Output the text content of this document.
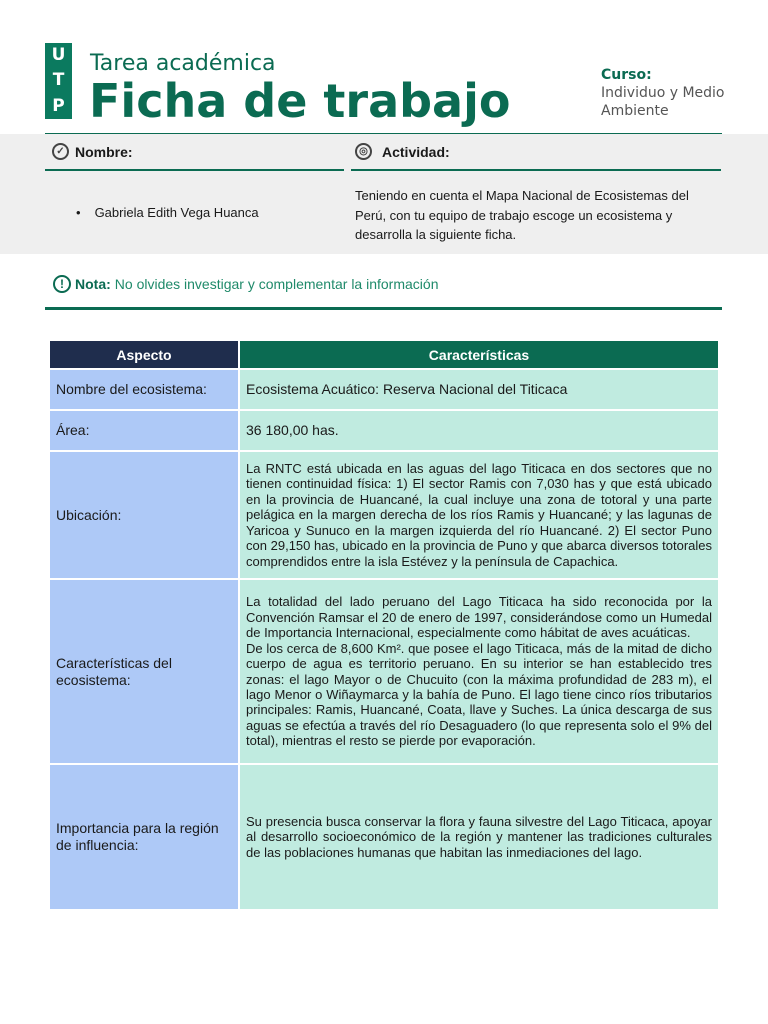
U
T
P
Tarea académica
Ficha de trabajo	Curso:
Individuo y Medio Ambiente
✓ Nombre:	◎ Actividad:
• Gabriela Edith Vega Huanca
Teniendo en cuenta el Mapa Nacional de Ecosistemas del Perú, con tu equipo de trabajo escoge un ecosistema y desarrolla la siguiente ficha.
! Nota: No olvides investigar y complementar la información
Aspecto	Características
Nombre del ecosistema:	Ecosistema Acuático: Reserva Nacional del Titicaca
Área:	36 180,00 has.
Ubicación:	La RNTC está ubicada en las aguas del lago Titicaca en dos sectores que no tienen continuidad física: 1) El sector Ramis con 7,030 has y que está ubicado en la provincia de Huancané, la cual incluye una zona de totoral y una parte pelágica en la margen derecha de los ríos Ramis y Huancané; y las lagunas de Yaricoa y Sunuco en la margen izquierda del río Huancané. 2) El sector Puno con 29,150 has, ubicado en la provincia de Puno y que abarca diversos totorales comprendidos entre la isla Estévez y la península de Capachica.
Características del ecosistema:	La totalidad del lado peruano del Lago Titicaca ha sido reconocida por la Convención Ramsar el 20 de enero de 1997, considerándose como un Humedal de Importancia Internacional, especialmente como hábitat de aves acuáticas.
De los cerca de 8,600 Km². que posee el lago Titicaca, más de la mitad de dicho cuerpo de agua es territorio peruano. En su interior se han establecido tres zonas: el lago Mayor o de Chucuito (con la máxima profundidad de 283 m), el lago Menor o Wiñaymarca y la bahía de Puno. El lago tiene cinco ríos tributarios principales: Ramis, Huancané, Coata, llave y Suches. La única descarga de sus aguas se efectúa a través del río Desaguadero (lo que representa solo el 9% del total), mientras el resto se pierde por evaporación.

Importancia para la región de influencia:	Su presencia busca conservar la flora y fauna silvestre del Lago Titicaca, apoyar al desarrollo socioeconómico de la región y mantener las tradiciones culturales de las poblaciones humanas que habitan las inmediaciones del lago.
